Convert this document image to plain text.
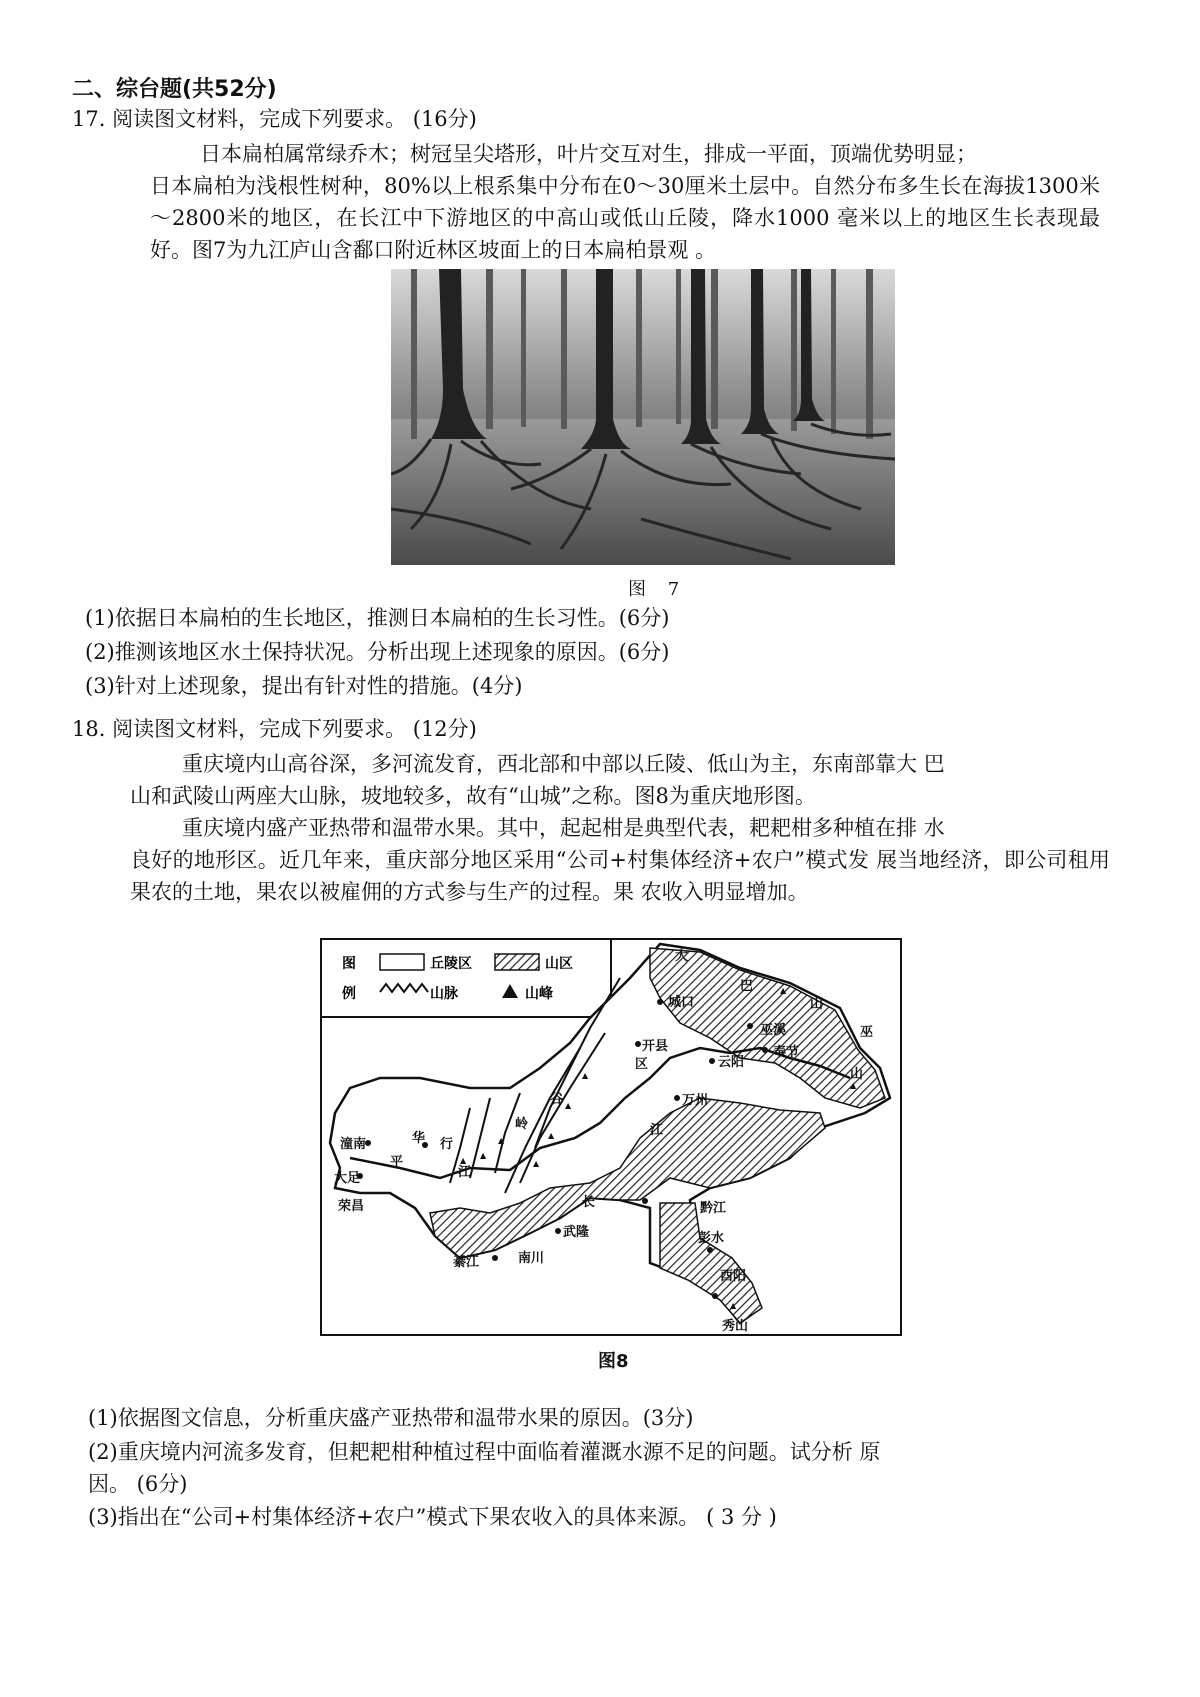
二、综台题(共52分)
17. 阅读图文材料，完成下列要求。 (16分)
日本扁柏属常绿乔木；树冠呈尖塔形，叶片交互对生，排成一平面，顶端优势明显；
日本扁柏为浅根性树种，80%以上根系集中分布在0～30厘米土层中。自然分布多生长在海拔1300米～2800米的地区，在长江中下游地区的中高山或低山丘陵，降水1000 毫米以上的地区生长表现最好。图7为九江庐山含鄱口附近林区坡面上的日本扁柏景观 。
图 7
(1)依据日本扁柏的生长地区，推测日本扁柏的生长习性。(6分)
(2)推测该地区水土保持状况。分析出现上述现象的原因。(6分)
(3)针对上述现象，提出有针对性的措施。(4分)
18. 阅读图文材料，完成下列要求。 (12分)
重庆境内山高谷深，多河流发育，西北部和中部以丘陵、低山为主，东南部靠大 巴
山和武陵山两座大山脉，坡地较多，故有“山城”之称。图8为重庆地形图。
重庆境内盛产亚热带和温带水果。其中，起起柑是典型代表，耙耙柑多种植在排 水
良好的地形区。近几年来，重庆部分地区采用“公司+村集体经济+农户”模式发 展当地经济，即公司租用果农的土地，果农以被雇佣的方式参与生产的过程。果 农收入明显增加。
图
例
丘陵区	山区
山脉	山峰
▲
▲
▲
▲
▲
▲
▲
▲
▲
▲
大
巴
山
城口
巫溪	巫
开县
云阳
奉节
山
万州
江
谷
岭
潼南	华 行
平
大足
荣昌
武隆
长	黔江
彭水
綦江	南川
酉阳
秀山
区
江
图8
(1)依据图文信息，分析重庆盛产亚热带和温带水果的原因。(3分)
(2)重庆境内河流多发育，但耙耙柑种植过程中面临着灌溉水源不足的问题。试分析 原
因。 (6分)
(3)指出在“公司+村集体经济+农户”模式下果农收入的具体来源。 ( 3 分 )
